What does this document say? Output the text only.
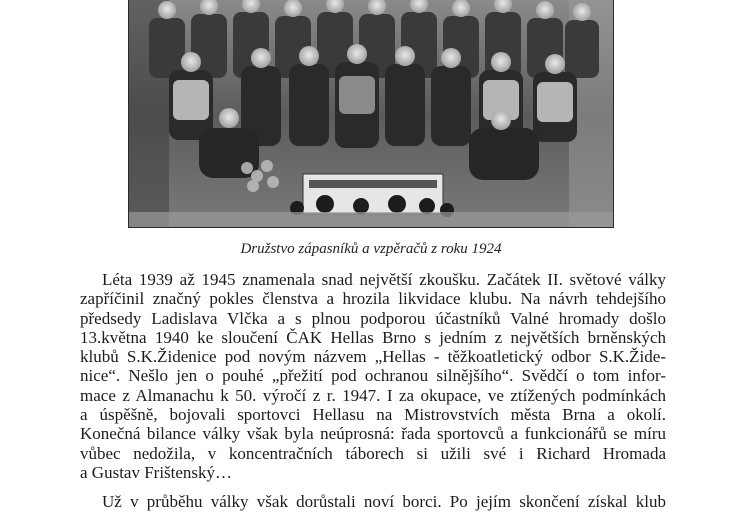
Družstvo zápasníků a vzpěračů z roku 1924
Léta 1939 až 1945 znamenala snad největší zkoušku. Začátek II. světové války
zapříčinil značný pokles členstva a hrozila likvidace klubu. Na návrh tehdejšího
předsedy Ladislava Vlčka a s plnou podporou účastníků Valné hromady došlo
13.května 1940 ke sloučení ČAK Hellas Brno s jedním z největších brněnských
klubů S.K.Židenice pod novým názvem „Hellas - těžkoatletický odbor S.K.Žide-
nice“. Nešlo jen o pouhé „přežití pod ochranou silnějšího“. Svědčí o tom infor-
mace z Almanachu k 50. výročí z r. 1947. I za okupace, ve ztížených podmínkách
a úspěšně, bojovali sportovci Hellasu na Mistrovstvích města Brna a okolí.
Konečná bilance války však byla neúprosná: řada sportovců a funkcionářů se míru
vůbec nedožila, v koncentračních táborech si užili své i Richard Hromada
a Gustav Frištenský…
Už v průběhu války však dorůstali noví borci. Po jejím skončení získal klub
